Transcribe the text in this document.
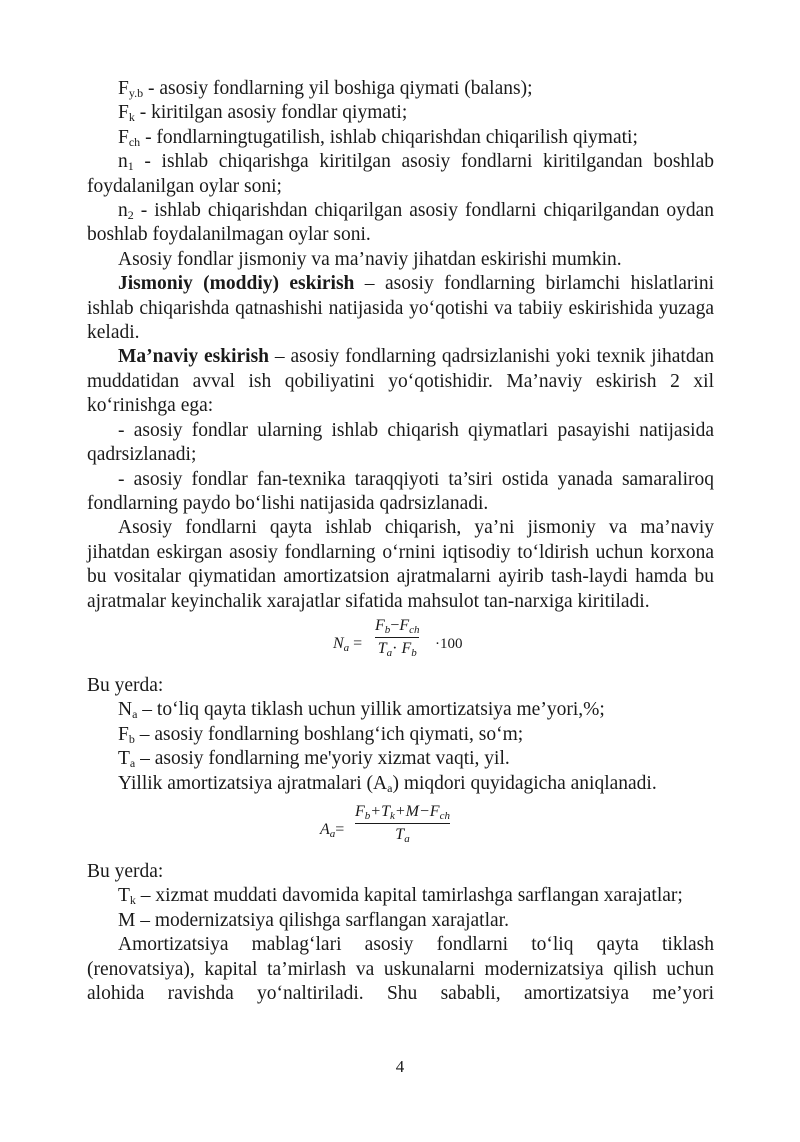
$F_{y.b}$ - asosiy fondlarning yil boshiga qiymati (balans);

$F_k$ - kiritilgan asosiy fondlar qiymati;

$F_{ch}$ - fondlarningtugatilish, ishlab chiqarishdan chiqarilish qiymati;

$n_1$ - ishlab chiqarishga kiritilgan asosiy fondlarni kiritilgandan boshlab foydalanilgan oylar soni;

$n_2$ - ishlab chiqarishdan chiqarilgan asosiy fondlarni chiqarilgandan oydan boshlab foydalanilmagan oylar soni.

Asosiy fondlar jismoniy va ma’naviy jihatdan eskirishi mumkin.

Jismoniy (moddiy) eskirish – asosiy fondlarning birlamchi hislatlarini ishlab chiqarishda qatnashishi natijasida yo‘qotishi va tabiiy eskirishida yuzaga keladi.

Ma’naviy eskirish – asosiy fondlarning qadrsizlanishi yoki texnik jihatdan muddatidan avval ish qobiliyatini yo‘qotishidir. Ma’naviy eskirish 2 xil ko‘rinishga ega:

- asosiy fondlar ularning ishlab chiqarish qiymatlari pasayishi natijasida qadrsizlanadi;

- asosiy fondlar fan-texnika taraqqiyoti ta’siri ostida yanada samaraliroq fondlarning paydo bo‘lishi natijasida qadrsizlanadi.

Asosiy fondlarni qayta ishlab chiqarish, ya’ni jismoniy va ma’naviy jihatdan eskirgan asosiy fondlarning o‘rnini iqtisodiy to‘ldirish uchun korxona bu vositalar qiymatidan amortizatsion ajratmalarni ayirib tash-laydi hamda bu ajratmalar keyinchalik xarajatlar sifatida mahsulot tan-narxiga kiritiladi.

$N_a$ =
$F_b-F_{ch}$
$T_a\cdot F_b$
·100

Bu yerda:

$N_a$ – to‘liq qayta tiklash uchun yillik amortizatsiya me’yori,%;

$F_b$ – asosiy fondlarning boshlang‘ich qiymati, so‘m;

$T_a$ – asosiy fondlarning me'yoriy xizmat vaqti, yil.

Yillik amortizatsiya ajratmalari $(A_a)$ miqdori quyidagicha aniqlanadi.

$A_a=$
$F_b+T_k+M-F_{ch}$
$T_a$

Bu yerda:

$T_k$ – xizmat muddati davomida kapital tamirlashga sarflangan xarajatlar;

M – modernizatsiya qilishga sarflangan xarajatlar.

Amortizatsiya mablag‘lari asosiy fondlarni to‘liq qayta tiklash (renovatsiya), kapital ta’mirlash va uskunalarni modernizatsiya qilish uchun alohida ravishda yo‘naltiriladi. Shu sababli, amortizatsiya me’yori

4
